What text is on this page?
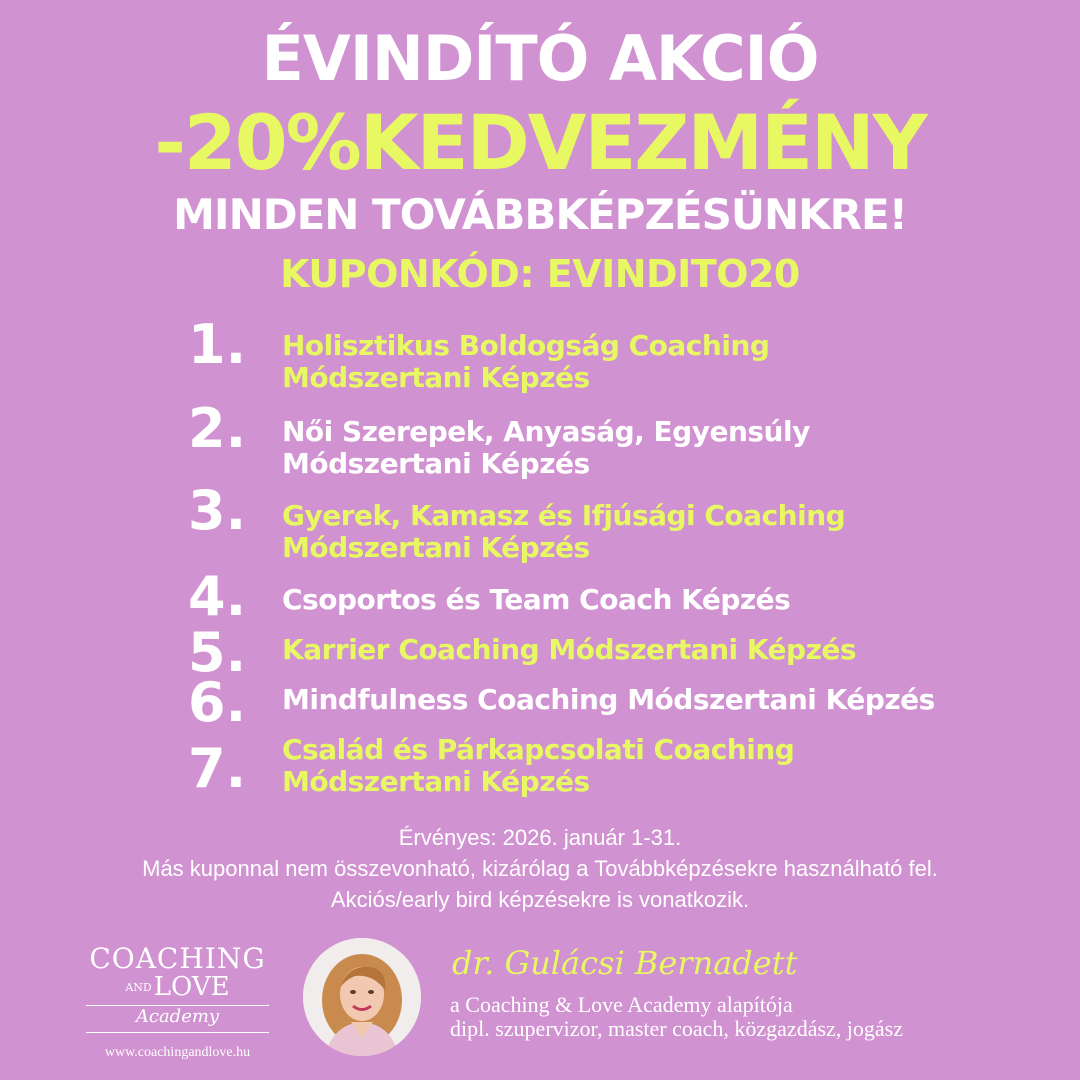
ÉVINDÍTÓ AKCIÓ
-20%KEDVEZMÉNY
MINDEN TOVÁBBKÉPZÉSÜNKRE!
KUPONKÓD: EVINDITO20
1.	Holisztikus Boldogság Coaching
Módszertani Képzés
2.	Női Szerepek, Anyaság, Egyensúly
Módszertani Képzés
3.	Gyerek, Kamasz és Ifjúsági Coaching
Módszertani Képzés
4.	Csoportos és Team Coach Képzés
5.	Karrier Coaching Módszertani Képzés
6.	Mindfulness Coaching Módszertani Képzés
7.	Család és Párkapcsolati Coaching
Módszertani Képzés
Érvényes: 2026. január 1-31.
Más kuponnal nem összevonható, kizárólag a Továbbképzésekre használható fel.
Akciós/early bird képzésekre is vonatkozik.
COACHING
ANDLOVE
Academy
www.coachingandlove.hu
dr. Gulácsi Bernadett
a Coaching & Love Academy alapítója
dipl. szupervizor, master coach, közgazdász, jogász
